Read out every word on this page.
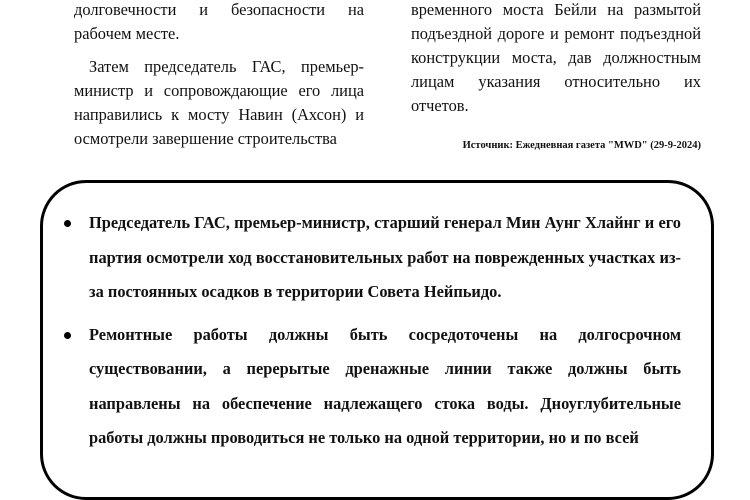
долговечности и безопасности на рабочем месте.

Затем председатель ГАС, премьер-министр и сопровождающие его лица направились к мосту Навин (Ахсон) и осмотрели завершение строительства

временного моста Бейли на размытой подъездной дороге и ремонт подъездной конструкции моста, дав должностным лицам указания относительно их отчетов.

Источник: Ежедневная газета "MWD" (29-9-2024)
Председатель ГАС, премьер-министр, старший генерал Мин Аунг Хлайнг и его партия осмотрели ход восстановительных работ на поврежденных участках из-за постоянных осадков в территории Совета Нейпьидо.
Ремонтные работы должны быть сосредоточены на долгосрочном существовании, а перерытые дренажные линии также должны быть направлены на обеспечение надлежащего стока воды. Дноуглубительные работы должны проводиться не только на одной территории, но и по всей
